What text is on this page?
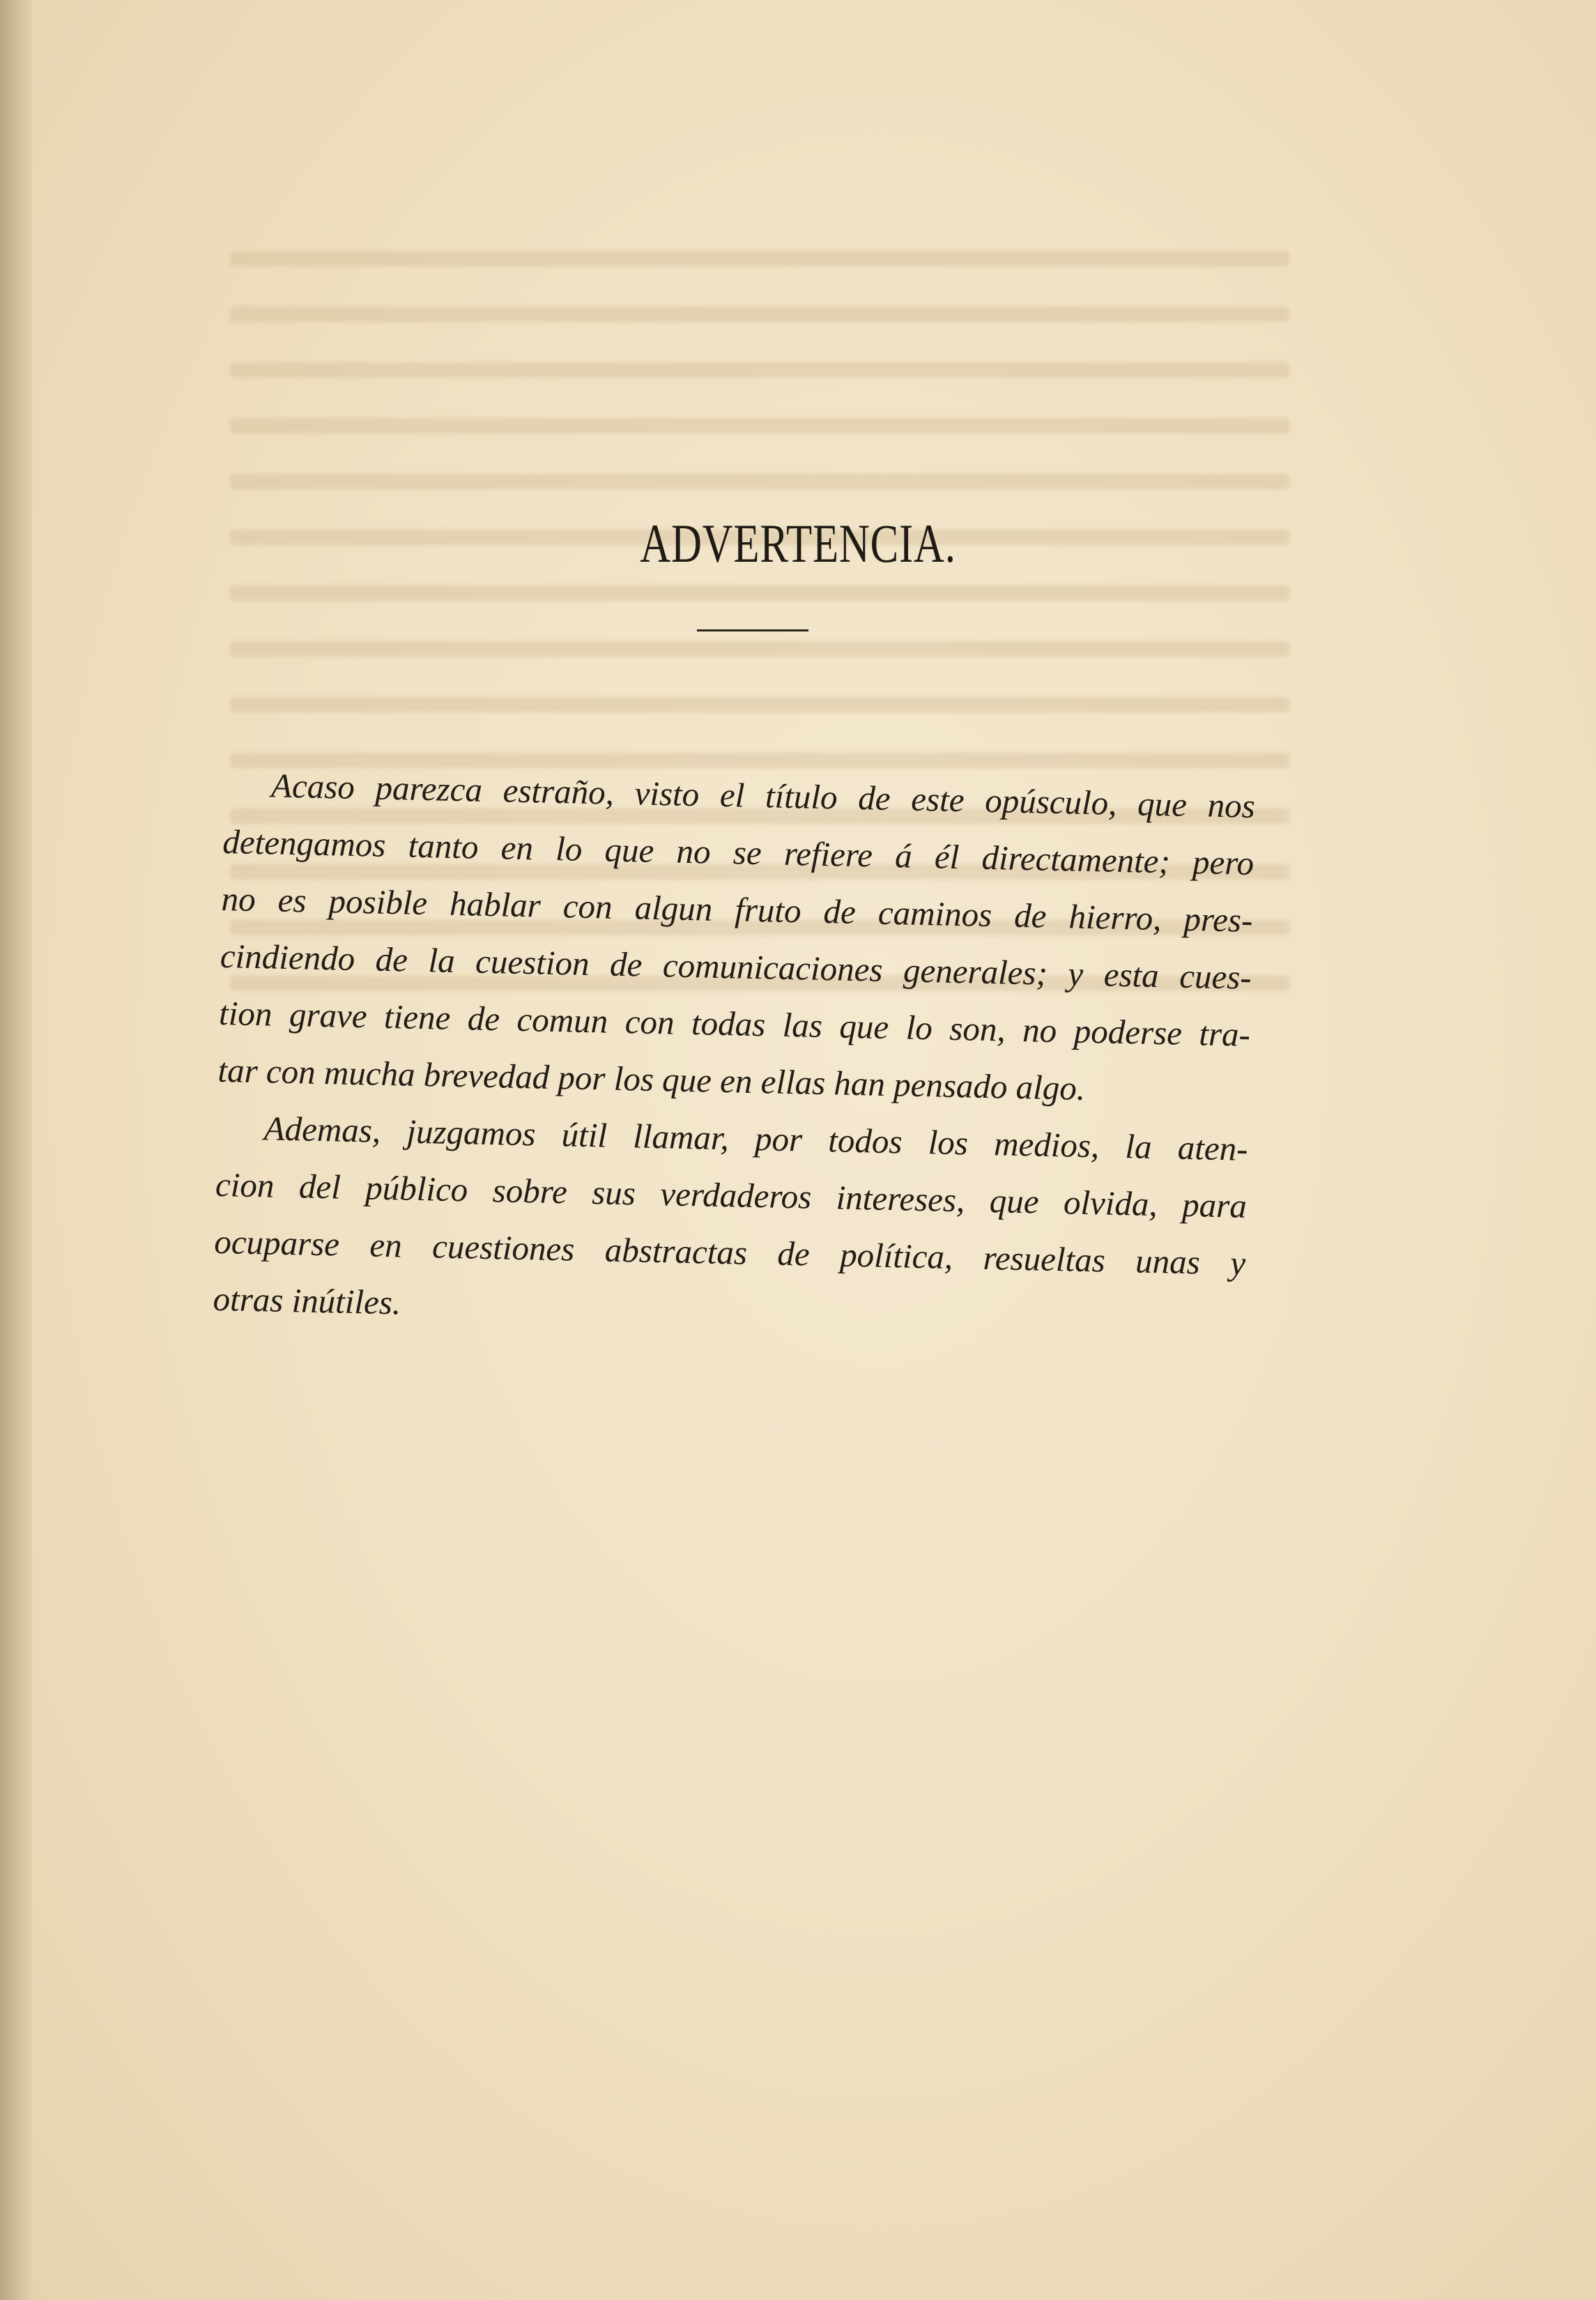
ADVERTENCIA.
Acaso parezca estraño, visto el título de este opúsculo, que nos
detengamos tanto en lo que no se refiere á él directamente; pero
no es posible hablar con algun fruto de caminos de hierro, pres-
cindiendo de la cuestion de comunicaciones generales; y esta cues-
tion grave tiene de comun con todas las que lo son, no poderse tra-
tar con mucha brevedad por los que en ellas han pensado algo.
Ademas, juzgamos útil llamar, por todos los medios, la aten-
cion del público sobre sus verdaderos intereses, que olvida, para
ocuparse en cuestiones abstractas de política, resueltas unas y
otras inútiles.
